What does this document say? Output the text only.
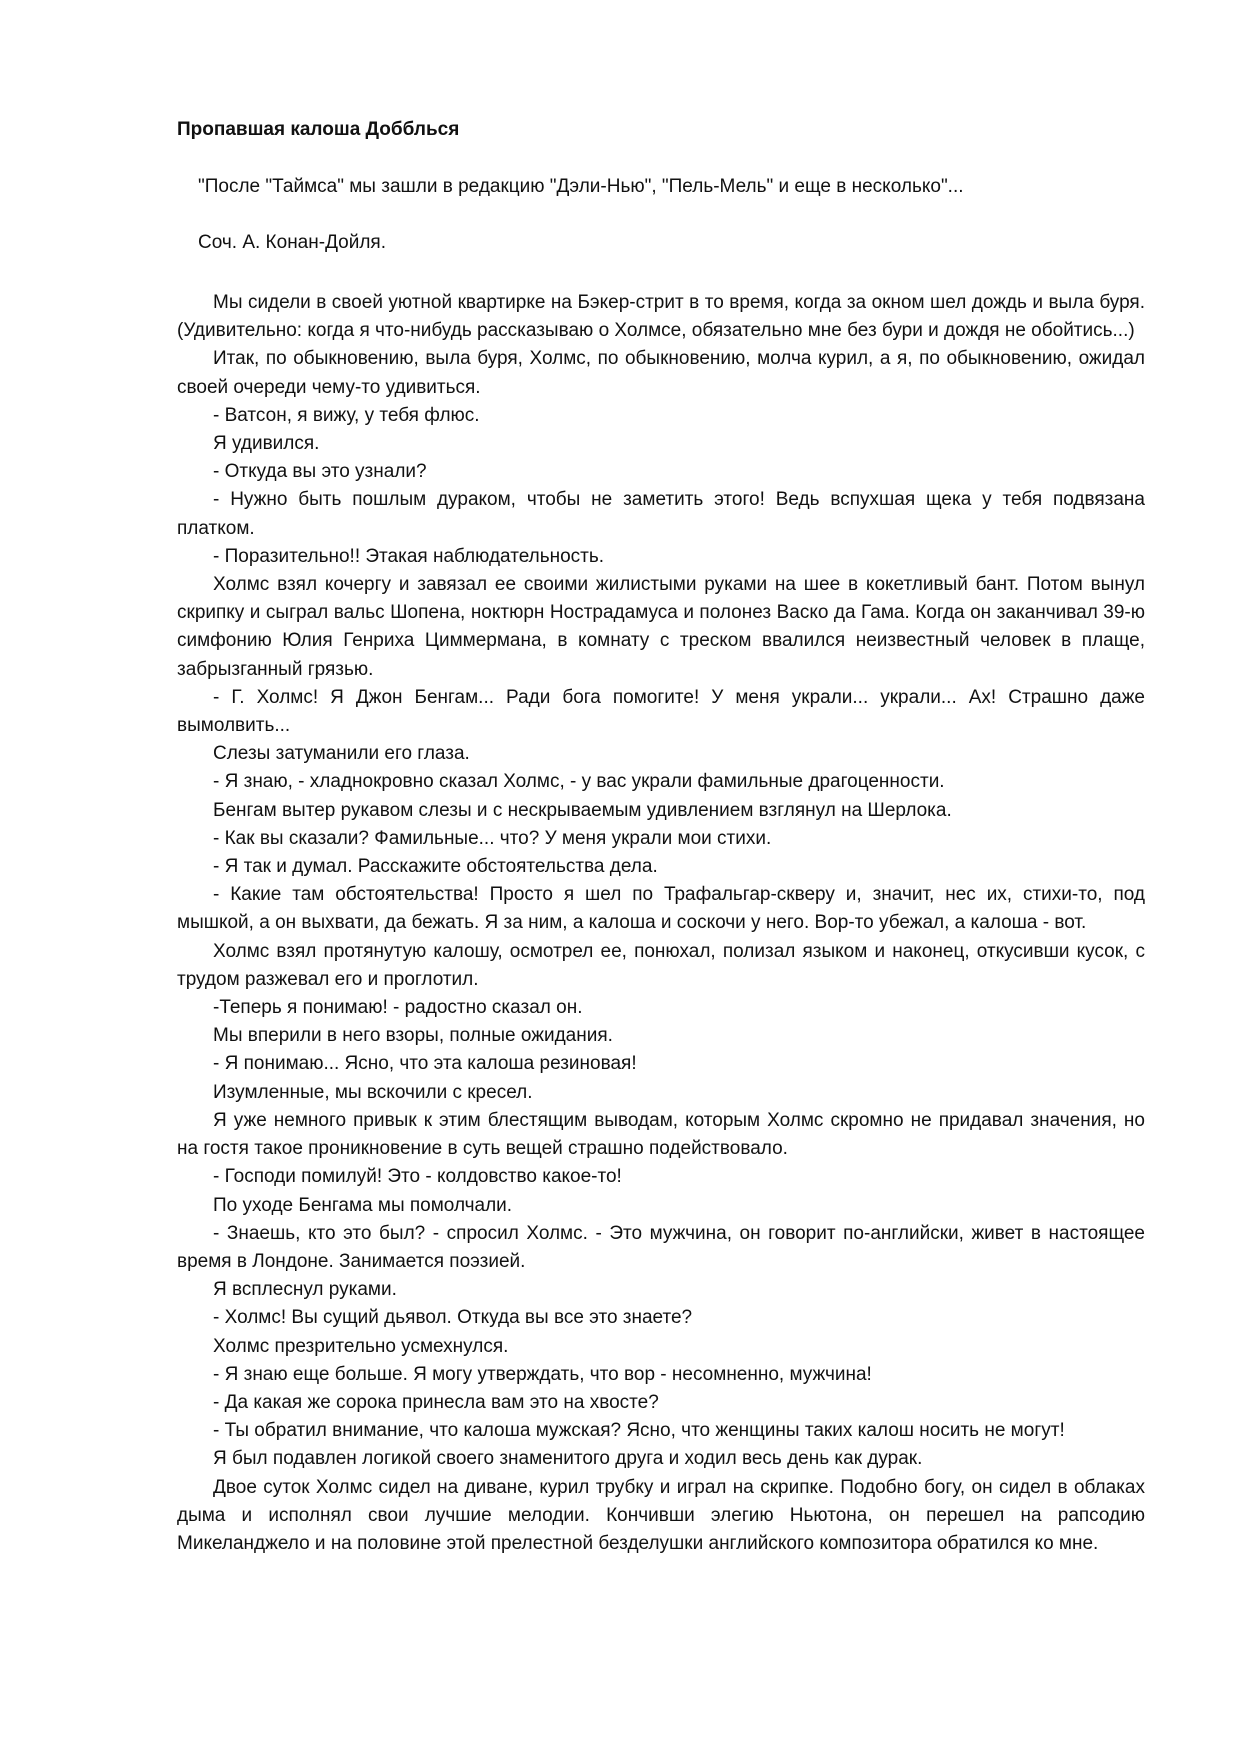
Пропавшая калоша Добблься

"После "Таймса" мы зашли в редакцию "Дэли-Нью", "Пель-Мель" и еще в несколько"...

Соч. А. Конан-Дойля.

Мы сидели в своей уютной квартирке на Бэкер-стрит в то время, когда за окном шел дождь и выла буря. (Удивительно: когда я что-нибудь рассказываю о Холмсе, обязательно мне без бури и дождя не обойтись...)

Итак, по обыкновению, выла буря, Холмс, по обыкновению, молча курил, а я, по обыкновению, ожидал своей очереди чему-то удивиться.

- Ватсон, я вижу, у тебя флюс.

Я удивился.

- Откуда вы это узнали?

- Нужно быть пошлым дураком, чтобы не заметить этого! Ведь вспухшая щека у тебя подвязана платком.

- Поразительно!! Этакая наблюдательность.

Холмс взял кочергу и завязал ее своими жилистыми руками на шее в кокетливый бант. Потом вынул скрипку и сыграл вальс Шопена, ноктюрн Нострадамуса и полонез Васко да Гама. Когда он заканчивал 39-ю симфонию Юлия Генриха Циммермана, в комнату с треском ввалился неизвестный человек в плаще, забрызганный грязью.

- Г. Холмс! Я Джон Бенгам... Ради бога помогите! У меня украли... украли... Ах! Страшно даже вымолвить...

Слезы затуманили его глаза.

- Я знаю, - хладнокровно сказал Холмс, - у вас украли фамильные драгоценности.

Бенгам вытер рукавом слезы и с нескрываемым удивлением взглянул на Шерлока.

- Как вы сказали? Фамильные... что? У меня украли мои стихи.

- Я так и думал. Расскажите обстоятельства дела.

- Какие там обстоятельства! Просто я шел по Трафальгар-скверу и, значит, нес их, стихи-то, под мышкой, а он выхвати, да бежать. Я за ним, а калоша и соскочи у него. Вор-то убежал, а калоша - вот.

Холмс взял протянутую калошу, осмотрел ее, понюхал, полизал языком и наконец, откусивши кусок, с трудом разжевал его и проглотил.

-Теперь я понимаю! - радостно сказал он.

Мы вперили в него взоры, полные ожидания.

- Я понимаю... Ясно, что эта калоша резиновая!

Изумленные, мы вскочили с кресел.

Я уже немного привык к этим блестящим выводам, которым Холмс скромно не придавал значения, но на гостя такое проникновение в суть вещей страшно подействовало.

- Господи помилуй! Это - колдовство какое-то!

По уходе Бенгама мы помолчали.

- Знаешь, кто это был? - спросил Холмс. - Это мужчина, он говорит по-английски, живет в настоящее время в Лондоне. Занимается поэзией.

Я всплеснул руками.

- Холмс! Вы сущий дьявол. Откуда вы все это знаете?

Холмс презрительно усмехнулся.

- Я знаю еще больше. Я могу утверждать, что вор - несомненно, мужчина!

- Да какая же сорока принесла вам это на хвосте?

- Ты обратил внимание, что калоша мужская? Ясно, что женщины таких калош носить не могут!

Я был подавлен логикой своего знаменитого друга и ходил весь день как дурак.

Двое суток Холмс сидел на диване, курил трубку и играл на скрипке. Подобно богу, он сидел в облаках дыма и исполнял свои лучшие мелодии. Кончивши элегию Ньютона, он перешел на рапсодию Микеланджело и на половине этой прелестной безделушки английского композитора обратился ко мне.
